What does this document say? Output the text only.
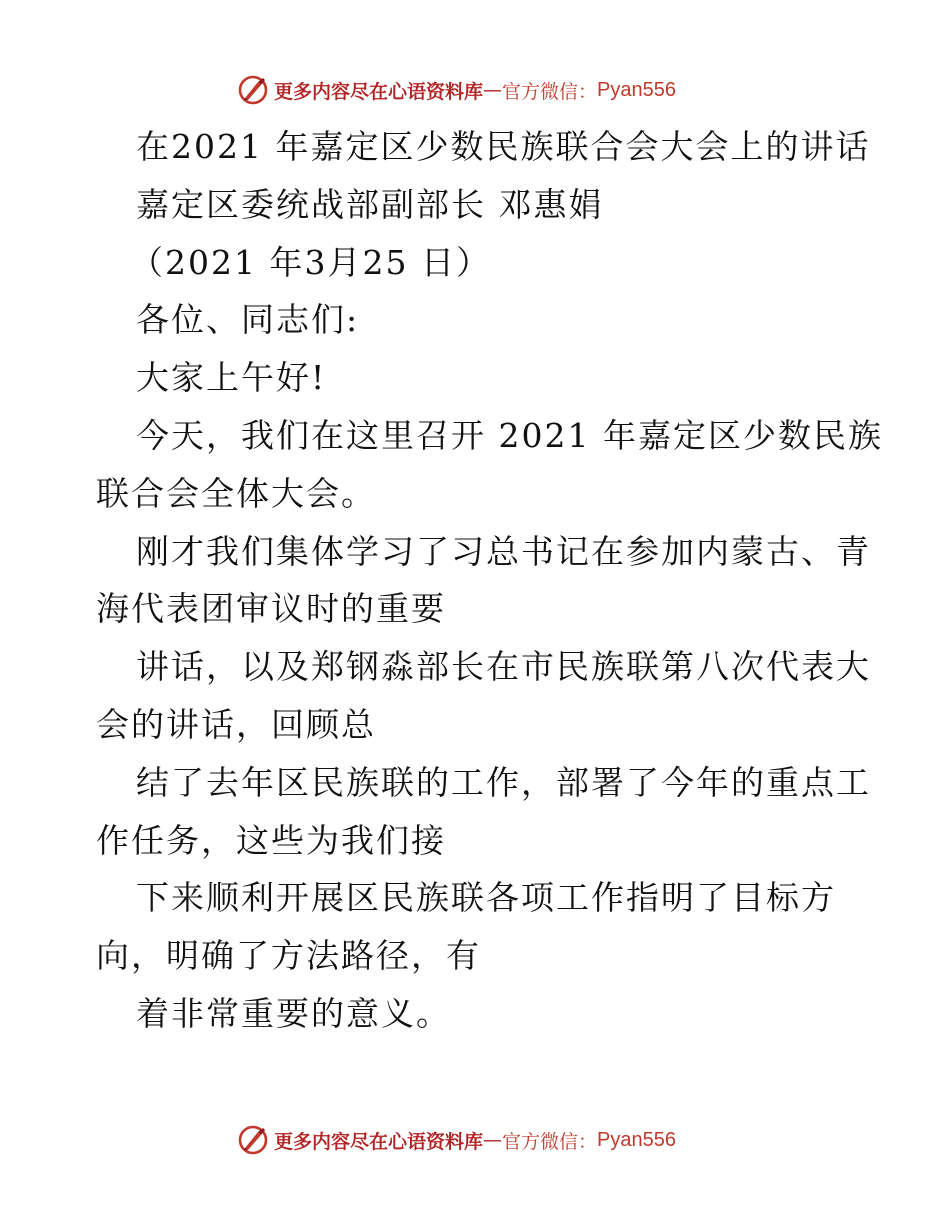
更多内容尽在心语资料库 — 官方微信： Pyan556
在2021 年嘉定区少数民族联合会大会上的讲话
嘉定区委统战部副部长 邓惠娟
（2021 年3月25 日）
各位、同志们:
大家上午好!
今天，我们在这里召开 2021 年嘉定区少数民族
联合会全体大会。
刚才我们集体学习了习总书记在参加内蒙古、青
海代表团审议时的重要
讲话，以及郑钢淼部长在市民族联第八次代表大
会的讲话，回顾总
结了去年区民族联的工作，部署了今年的重点工
作任务，这些为我们接
下来顺利开展区民族联各项工作指明了目标方
向，明确了方法路径，有
着非常重要的意义。
更多内容尽在心语资料库 — 官方微信： Pyan556
